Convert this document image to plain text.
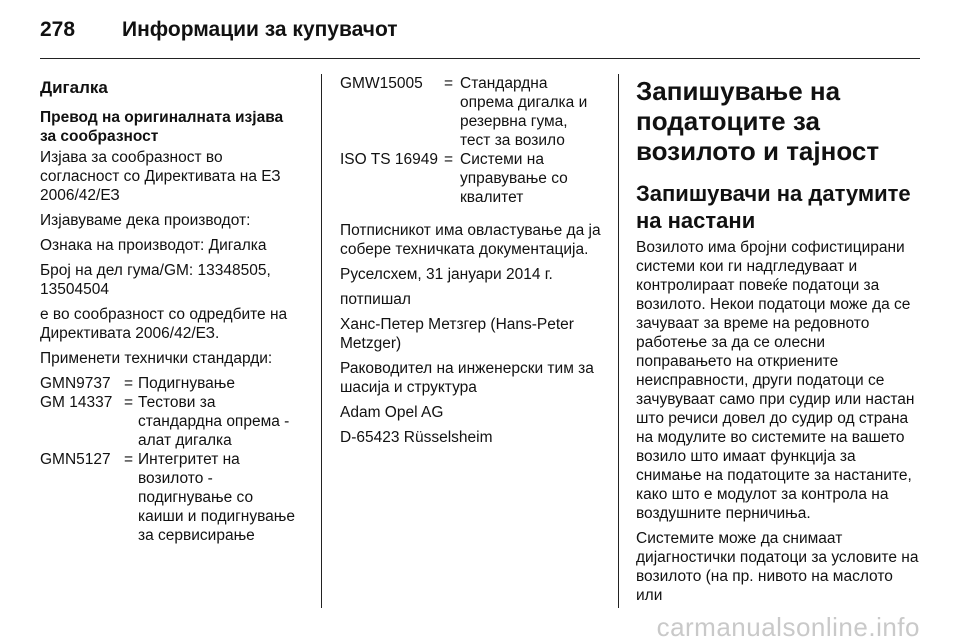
278	Информации за купувачот
Дигалка
Превод на оригиналната изјава за сообразност

Изјава за сообразност во согласност со Директивата на ЕЗ 2006/42/ЕЗ

Изјавуваме дека производот:

Ознака на производот: Дигалка

Број на дел гума/GM: 13348505, 13504504

е во сообразност со одредбите на Директивата 2006/42/ЕЗ.

Применети технички стандарди:

GMN9737 = Подигнување
GM 14337 = Тестови за стандардна опрема - алат дигалка
GMN5127 = Интегритет на возилото - подигнување со каиши и подигнување за сервисирање
GMW15005	= Стандардна опрема дигалка и резервна гума, тест за возило
ISO TS 16949 = Системи на управување со квалитет

Потписникот има овластување да ја собере техничката документација.

Руселсхем, 31 јануари 2014 г.

потпишал

Ханс-Петер Метзгер (Hans-Peter Metzger)

Раководител на инженерски тим за шасија и структура

Adam Opel AG

D-65423 Rüsselsheim

Запишување на податоците за возилото и тајност
Запишувачи на датумите на настани

Возилото има бројни софистицирани системи кои ги надгледуваат и контролираат повеќе податоци за возилото. Некои податоци може да се зачуваат за време на редовното работење за да се олесни поправањето на откриените неисправности, други податоци се зачувуваат само при судир или настан што речиси довел до судир од страна на модулите во системите на вашето возило што имаат функција за снимање на податоците за настаните, како што е модулот за контрола на воздушните перничиња.

Системите може да снимаат дијагностички податоци за условите на возилото (на пр. нивото на маслото или

carmanualsonline.info
